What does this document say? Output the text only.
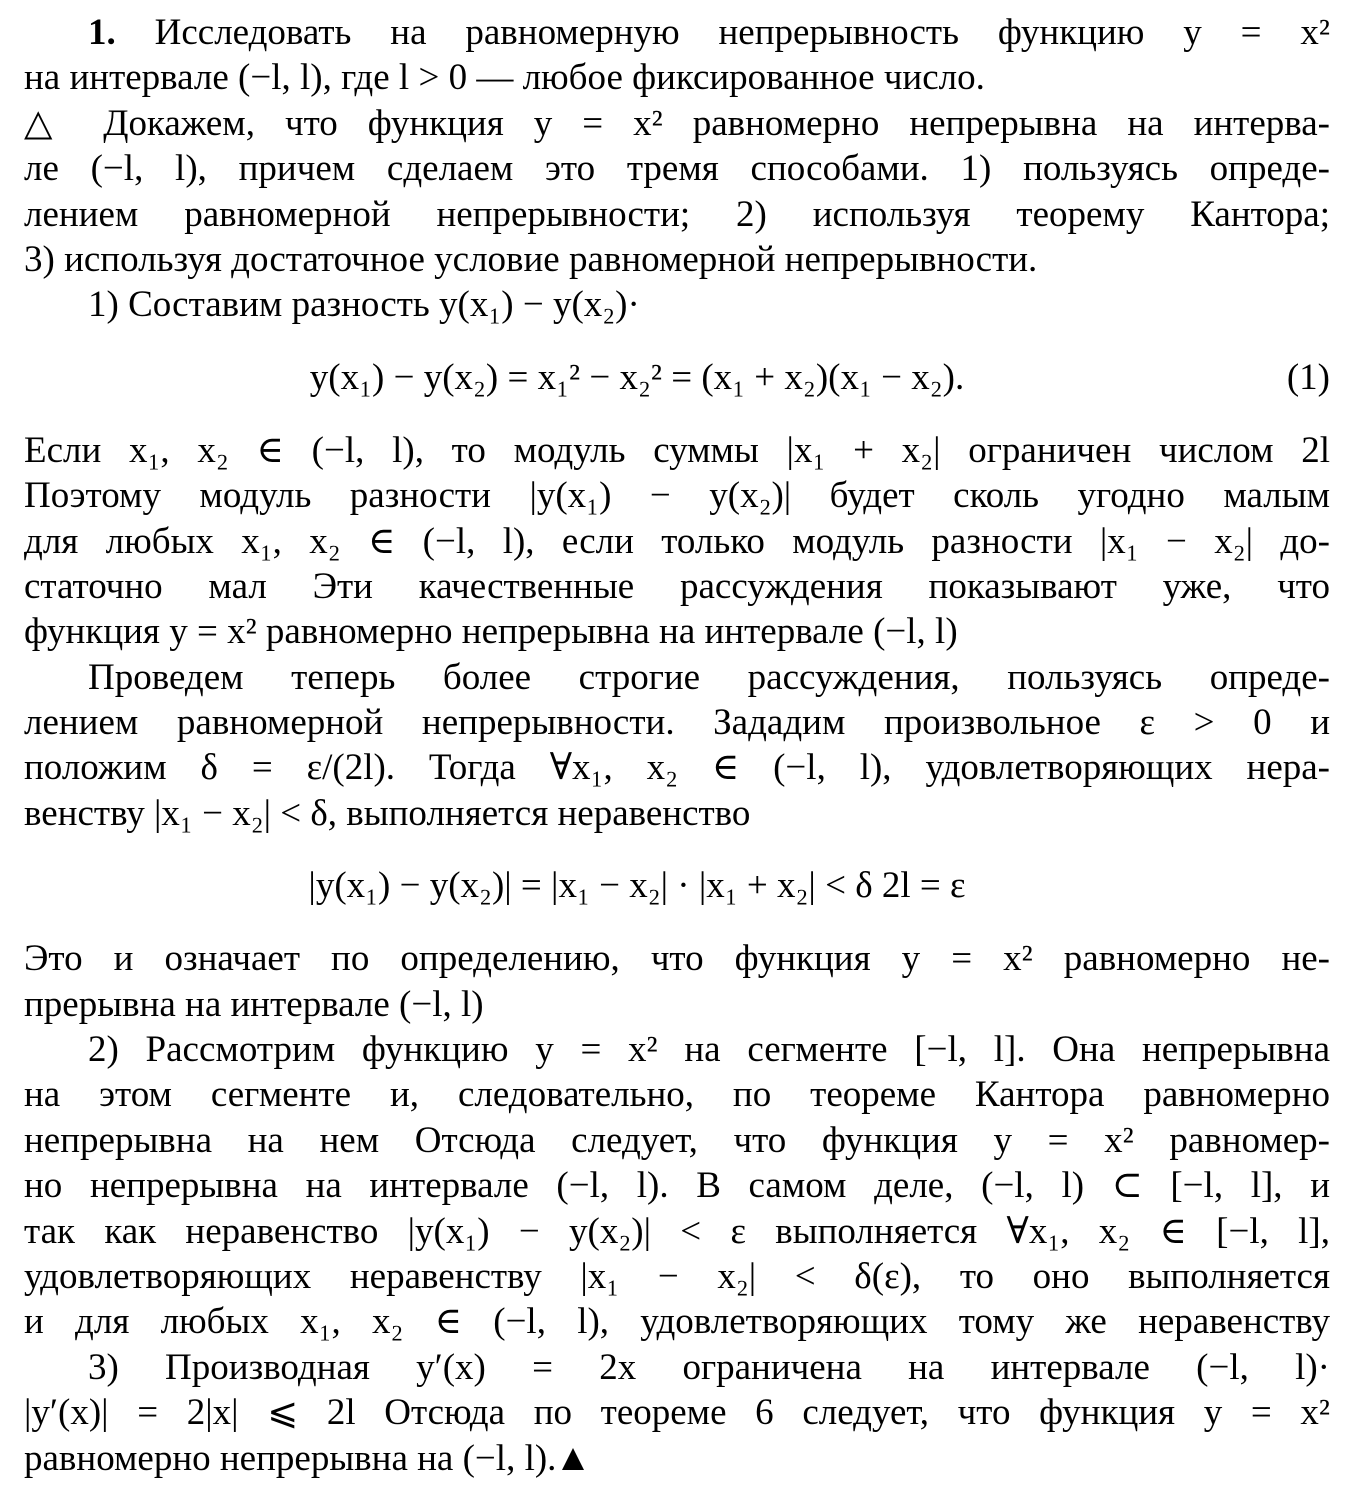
1. Исследовать на равномерную непрерывность функцию y = x²
на интервале (−l, l), где l > 0 — любое фиксированное число.
△ Докажем, что функция y = x² равномерно непрерывна на интерва-
ле (−l, l), причем сделаем это тремя способами. 1) пользуясь опреде-
лением равномерной непрерывности; 2) используя теорему Кантора;
3) используя достаточное условие равномерной непрерывности.
1) Составим разность y(x₁) − y(x₂)·
y(x₁) − y(x₂) = x₁² − x₂² = (x₁ + x₂)(x₁ − x₂).	(1)
Если x₁, x₂ ∈ (−l, l), то модуль суммы |x₁ + x₂| ограничен числом 2l
Поэтому модуль разности |y(x₁) − y(x₂)| будет сколь угодно малым
для любых x₁, x₂ ∈ (−l, l), если только модуль разности |x₁ − x₂| до-
статочно мал Эти качественные рассуждения показывают уже, что
функция y = x² равномерно непрерывна на интервале (−l, l)
Проведем теперь более строгие рассуждения, пользуясь опреде-
лением равномерной непрерывности. Зададим произвольное ε > 0 и
положим δ = ε/(2l). Тогда ∀x₁, x₂ ∈ (−l, l), удовлетворяющих нера-
венству |x₁ − x₂| < δ, выполняется неравенство
|y(x₁) − y(x₂)| = |x₁ − x₂| · |x₁ + x₂| < δ 2l = ε
Это и означает по определению, что функция y = x² равномерно не-
прерывна на интервале (−l, l)
2) Рассмотрим функцию y = x² на сегменте [−l, l]. Она непрерывна
на этом сегменте и, следовательно, по теореме Кантора равномерно
непрерывна на нем Отсюда следует, что функция y = x² равномер-
но непрерывна на интервале (−l, l). В самом деле, (−l, l) ⊂ [−l, l], и
так как неравенство |y(x₁) − y(x₂)| < ε выполняется ∀x₁, x₂ ∈ [−l, l],
удовлетворяющих неравенству |x₁ − x₂| < δ(ε), то оно выполняется
и для любых x₁, x₂ ∈ (−l, l), удовлетворяющих тому же неравенству
3) Производная y′(x) = 2x ограничена на интервале (−l, l)·
|y′(x)| = 2|x| ⩽ 2l Отсюда по теореме 6 следует, что функция y = x²
равномерно непрерывна на (−l, l).
